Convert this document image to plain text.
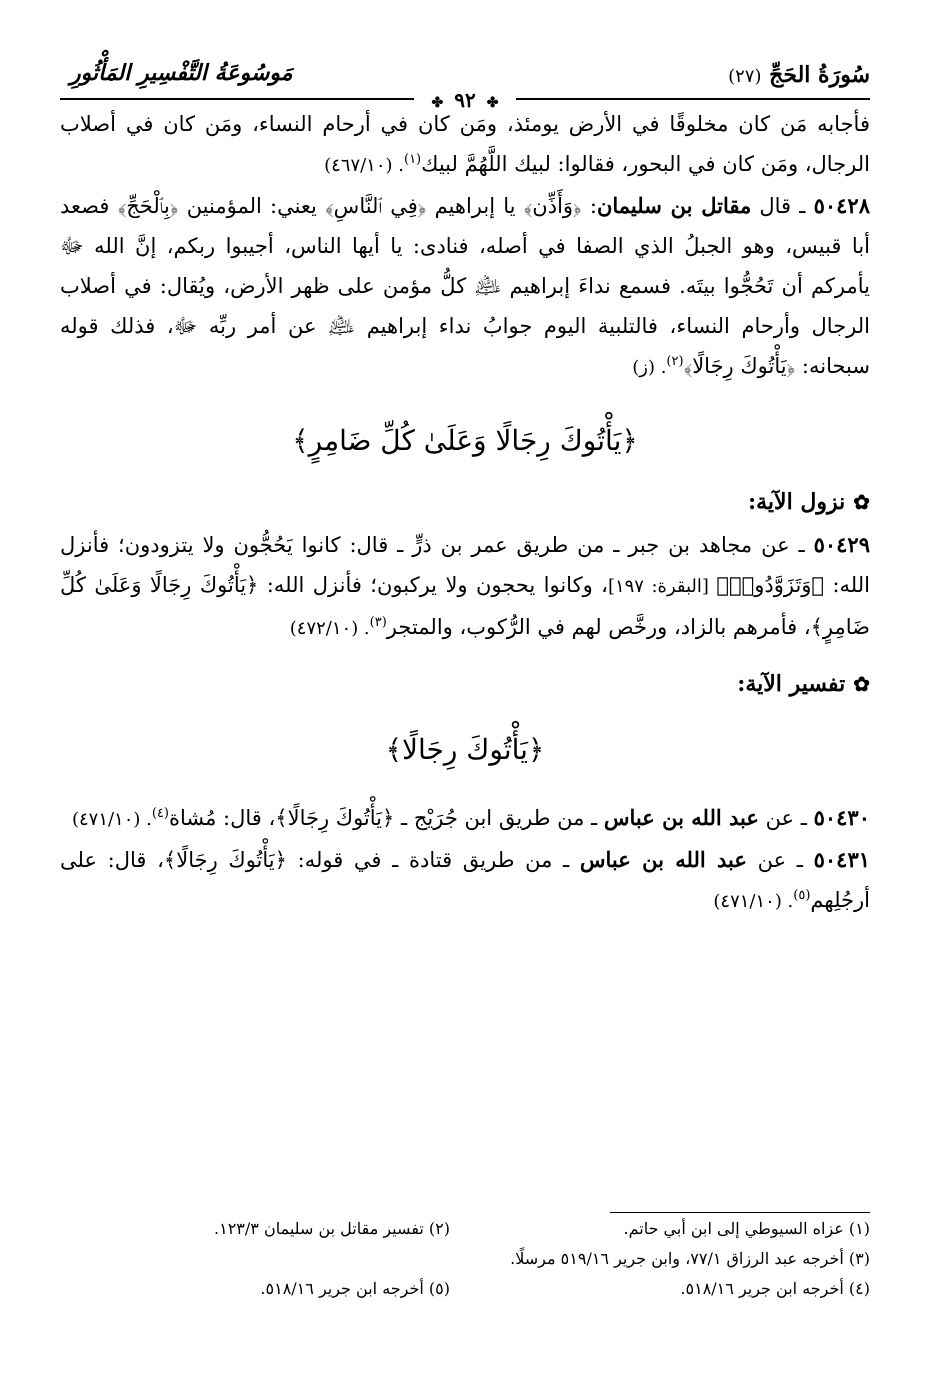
سُورَةُ الحَجِّ (٢٧)
مَوسُوعَةُ التَّفْسِيرِ المَأْثُورِ
✤ ٩٢ ✤

فأجابه مَن كان مخلوقًا في الأرض يومئذ، ومَن كان في أرحام النساء، ومَن كان في أصلاب الرجال، ومَن كان في البحور، فقالوا: لبيك اللَّهُمَّ لبيك$^{(١)}$. (٤٦٧/١٠)

٥٠٤٢٨ ـ قال مقاتل بن سليمان: ﴿وَأَذِّن﴾ يا إبراهيم ﴿فِي ٱلنَّاسِ﴾ يعني: المؤمنين ﴿بِٱلْحَجِّ﴾ فصعد أبا قبيس، وهو الجبلُ الذي الصفا في أصله، فنادى: يا أيها الناس، أجيبوا ربكم، إنَّ الله ﷻ يأمركم أن تَحُجُّوا بيتَه. فسمع نداءَ إبراهيم ﵇ كلُّ مؤمن على ظهر الأرض، ويُقال: في أصلاب الرجال وأرحام النساء، فالتلبية اليوم جوابُ نداء إبراهيم ﵇ عن أمر ربِّه ﷻ، فذلك قوله سبحانه: ﴿يَأْتُوكَ رِجَالًا﴾$^{(٢)}$. (ز)

﴿يَأْتُوكَ رِجَالًا وَعَلَىٰ كُلِّ ضَامِرٍ﴾
✿نزول الآية:

٥٠٤٢٩ ـ عن مجاهد بن جبر ـ من طريق عمر بن ذرٍّ ـ قال: كانوا يَحُجُّون ولا يتزودون؛ فأنزل الله: ﴿وَتَزَوَّدُوا۟﴾ [البقرة: ١٩٧]، وكانوا يحجون ولا يركبون؛ فأنزل الله: ﴿يَأْتُوكَ رِجَالًا وَعَلَىٰ كُلِّ ضَامِرٍ﴾، فأمرهم بالزاد، ورخَّص لهم في الرُّكوب، والمتجر$^{(٣)}$. (٤٧٢/١٠)

✿تفسير الآية:
﴿يَأْتُوكَ رِجَالًا﴾

٥٠٤٣٠ ـ عن عبد الله بن عباس ـ من طريق ابن جُرَيْج ـ ﴿يَأْتُوكَ رِجَالًا﴾، قال: مُشاة$^{(٤)}$. (٤٧١/١٠)

٥٠٤٣١ ـ عن عبد الله بن عباس ـ من طريق قتادة ـ في قوله: ﴿يَأْتُوكَ رِجَالًا﴾، قال: على أرجُلِهم$^{(٥)}$. (٤٧١/١٠)

(١) عزاه السيوطي إلى ابن أبي حاتم.
(٢) تفسير مقاتل بن سليمان ١٢٣/٣.
(٣) أخرجه عبد الرزاق ٧٧/١، وابن جرير ٥١٩/١٦ مرسلًا.
(٤) أخرجه ابن جرير ٥١٨/١٦.
(٥) أخرجه ابن جرير ٥١٨/١٦.
